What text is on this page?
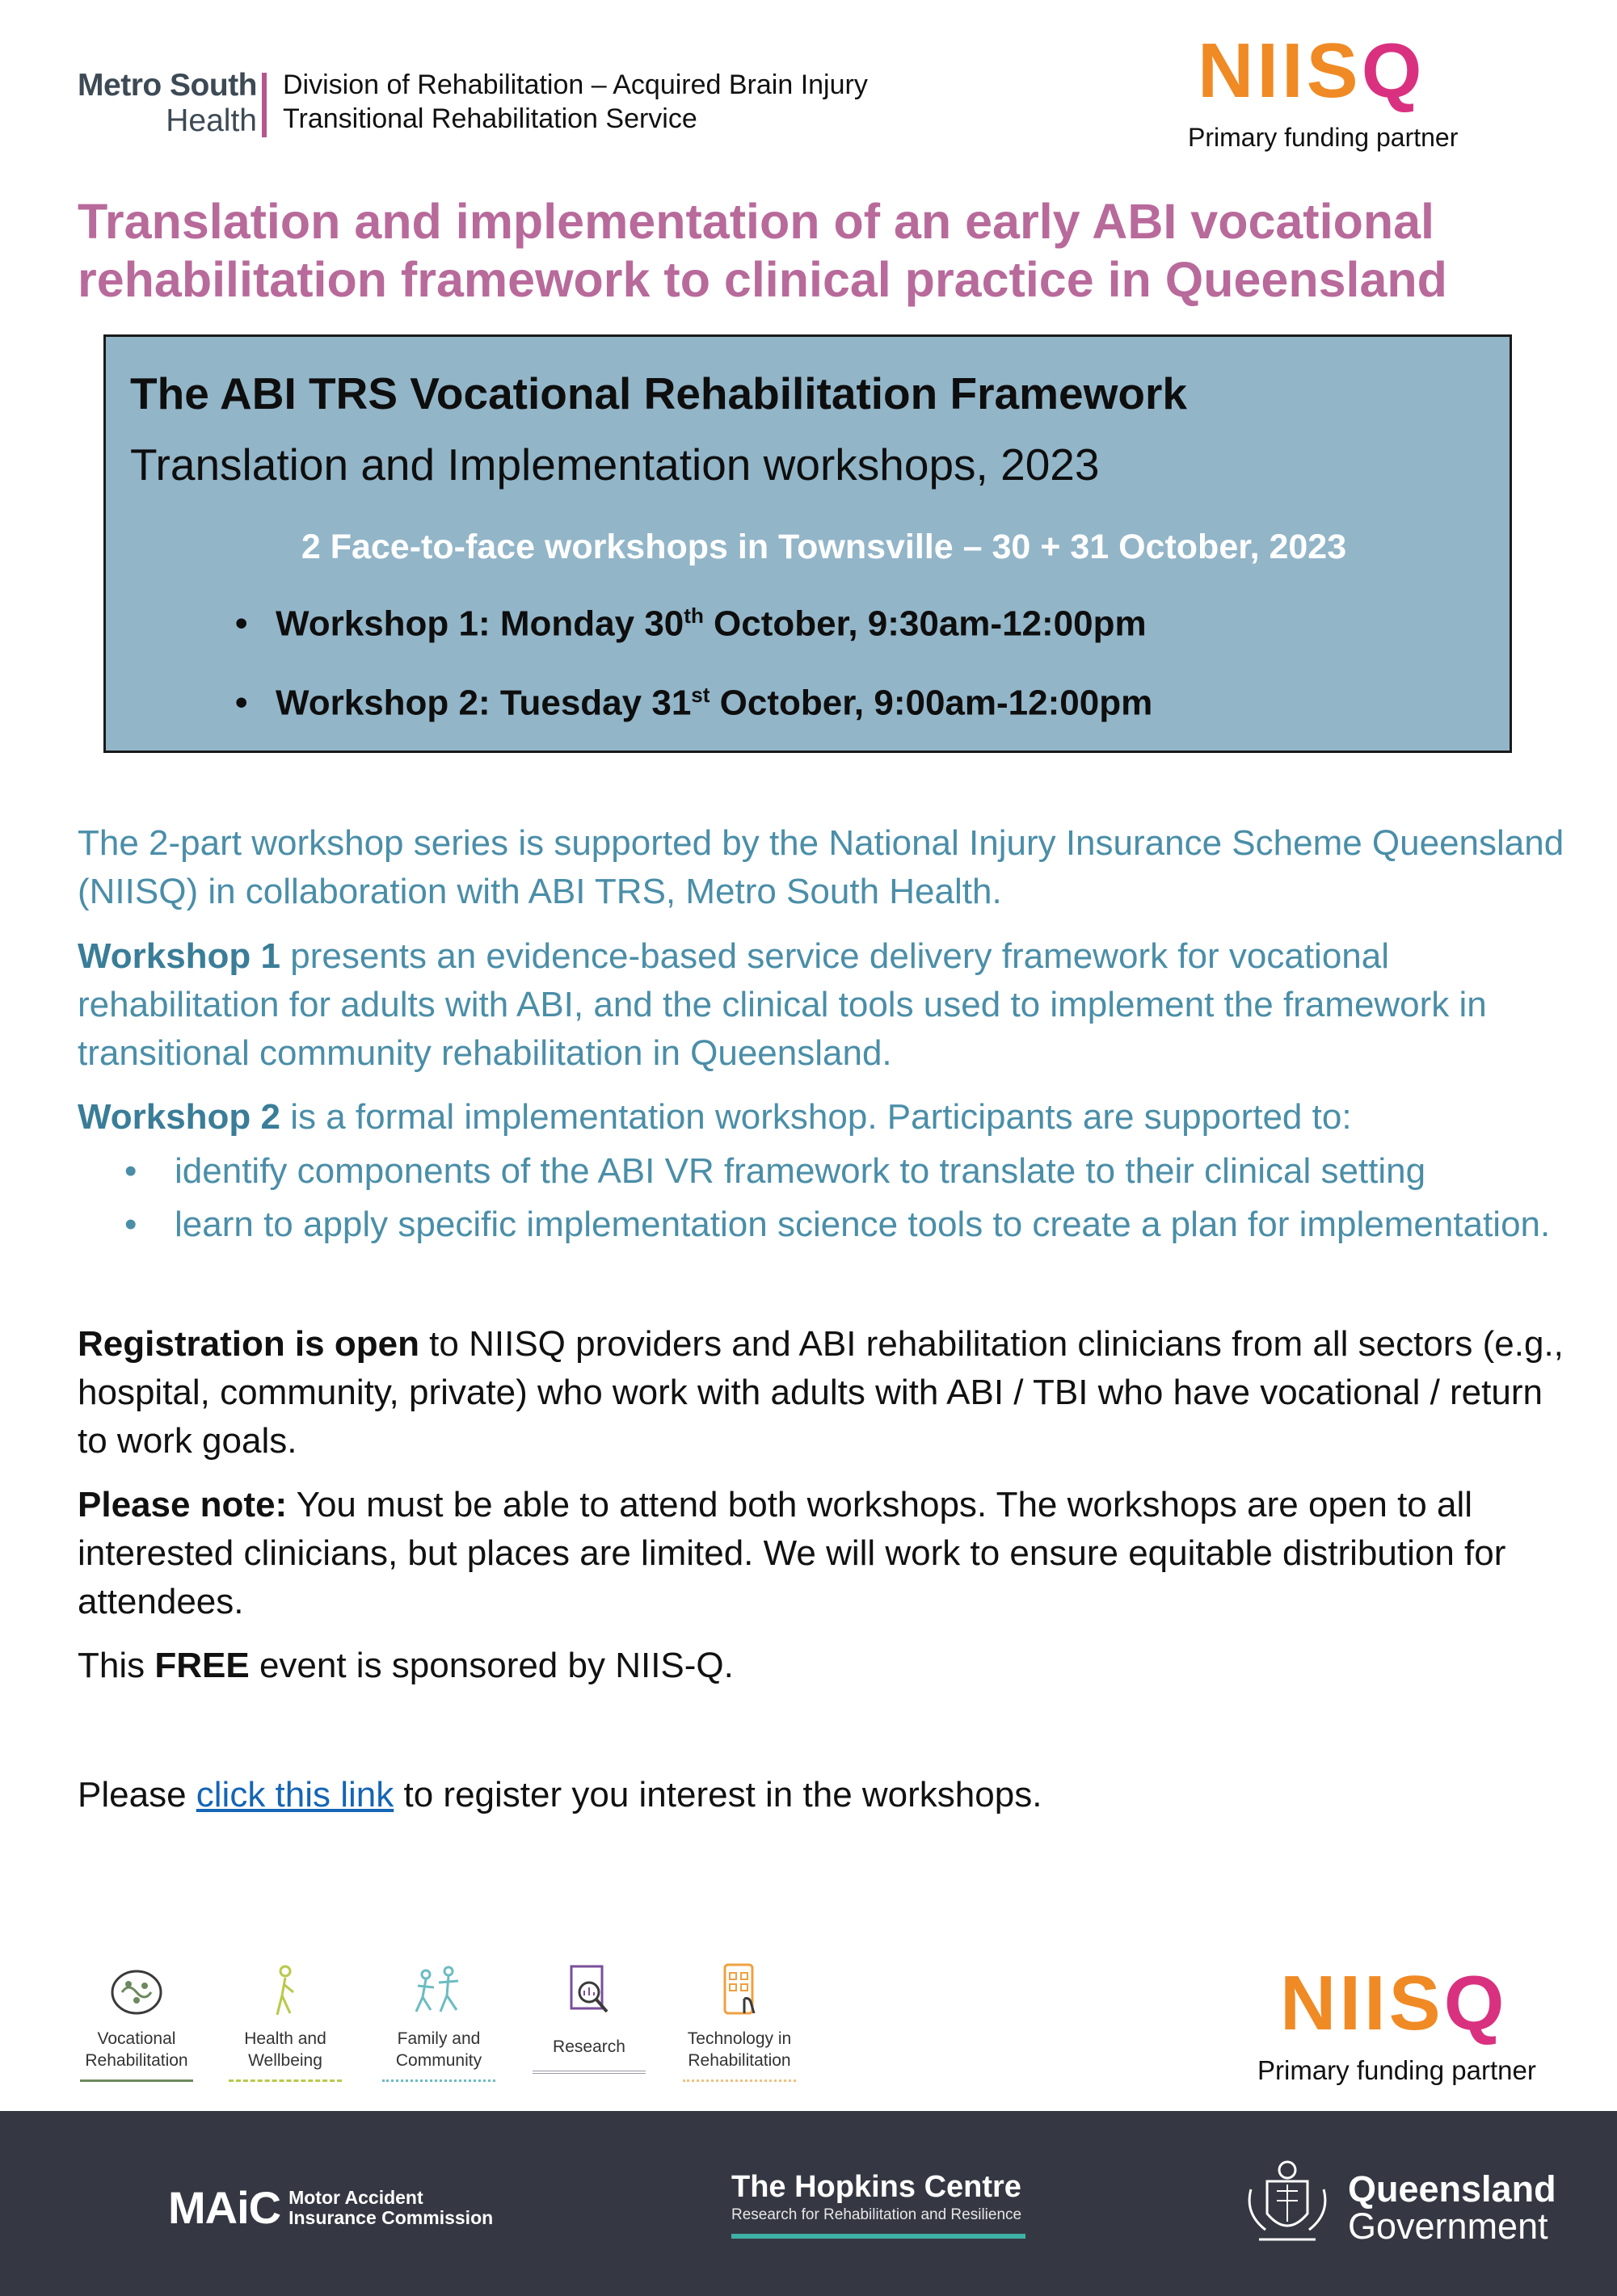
Metro South
Health
Division of Rehabilitation – Acquired Brain Injury
Transitional Rehabilitation Service
NIISQ
Primary funding partner
Translation and implementation of an early ABI vocational rehabilitation framework to clinical practice in Queensland
The ABI TRS Vocational Rehabilitation Framework
Translation and Implementation workshops, 2023
2 Face-to-face workshops in Townsville – 30 + 31 October, 2023
• Workshop 1: Monday 30th October, 9:30am-12:00pm
• Workshop 2: Tuesday 31st October, 9:00am-12:00pm
The 2-part workshop series is supported by the National Injury Insurance Scheme Queensland (NIISQ) in collaboration with ABI TRS, Metro South Health.
Workshop 1 presents an evidence-based service delivery framework for vocational rehabilitation for adults with ABI, and the clinical tools used to implement the framework in transitional community rehabilitation in Queensland.
Workshop 2 is a formal implementation workshop. Participants are supported to:
• identify components of the ABI VR framework to translate to their clinical setting
• learn to apply specific implementation science tools to create a plan for implementation.
Registration is open to NIISQ providers and ABI rehabilitation clinicians from all sectors (e.g., hospital, community, private) who work with adults with ABI / TBI who have vocational / return to work goals.
Please note: You must be able to attend both workshops. The workshops are open to all interested clinicians, but places are limited. We will work to ensure equitable distribution for attendees.
This FREE event is sponsored by NIIS-Q.
Please click this link to register you interest in the workshops.
Vocational
Rehabilitation
Health and
Wellbeing
Family and
Community
Research	Technology in
Rehabilitation
NIISQ
Primary funding partner
MAiC Motor Accident
Insurance Commission
The Hopkins Centre
Research for Rehabilitation and Resilience
Queensland
Government
